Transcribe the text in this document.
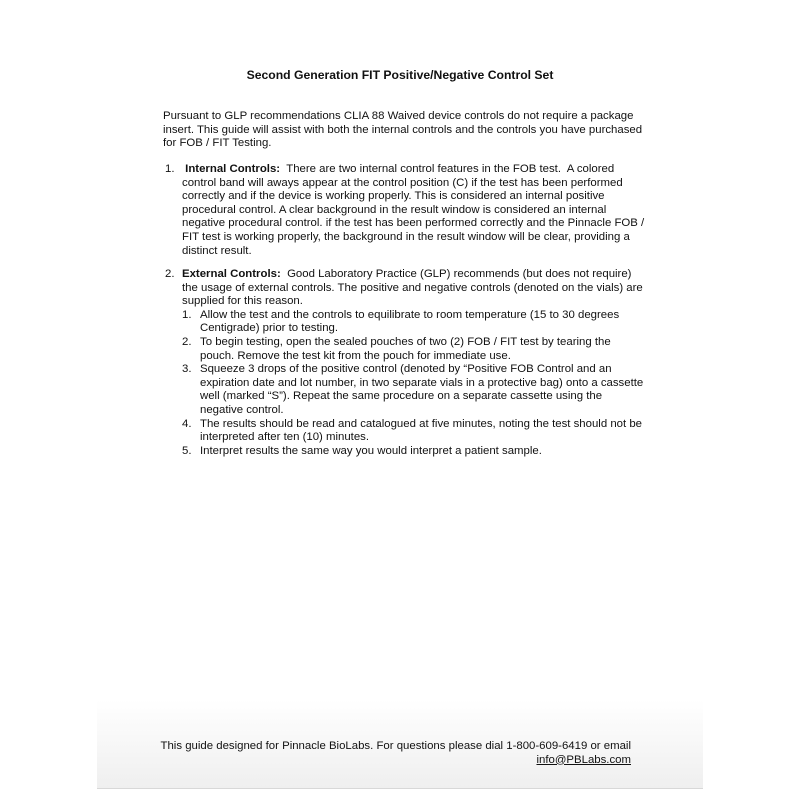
Second Generation FIT Positive/Negative Control Set
Pursuant to GLP recommendations CLIA 88 Waived device controls do not require a package
insert. This guide will assist with both the internal controls and the controls you have purchased
for FOB / FIT Testing.
1. Internal Controls:  There are two internal control features in the FOB test.  A colored
control band will aways appear at the control position (C) if the test has been performed
correctly and if the device is working properly. This is considered an internal positive
procedural control. A clear background in the result window is considered an internal
negative procedural control. if the test has been performed correctly and the Pinnacle FOB /
FIT test is working properly, the background in the result window will be clear, providing a
distinct result.
2. External Controls:  Good Laboratory Practice (GLP) recommends (but does not require)
the usage of external controls. The positive and negative controls (denoted on the vials) are
supplied for this reason.
1. Allow the test and the controls to equilibrate to room temperature (15 to 30 degrees
Centigrade) prior to testing.
2. To begin testing, open the sealed pouches of two (2) FOB / FIT test by tearing the
pouch. Remove the test kit from the pouch for immediate use.
3. Squeeze 3 drops of the positive control (denoted by “Positive FOB Control and an
expiration date and lot number, in two separate vials in a protective bag) onto a cassette
well (marked “S”). Repeat the same procedure on a separate cassette using the
negative control.
4. The results should be read and catalogued at five minutes, noting the test should not be
interpreted after ten (10) minutes.
5. Interpret results the same way you would interpret a patient sample.
This guide designed for Pinnacle BioLabs. For questions please dial 1-800-609-6419 or email
info@PBLabs.com
